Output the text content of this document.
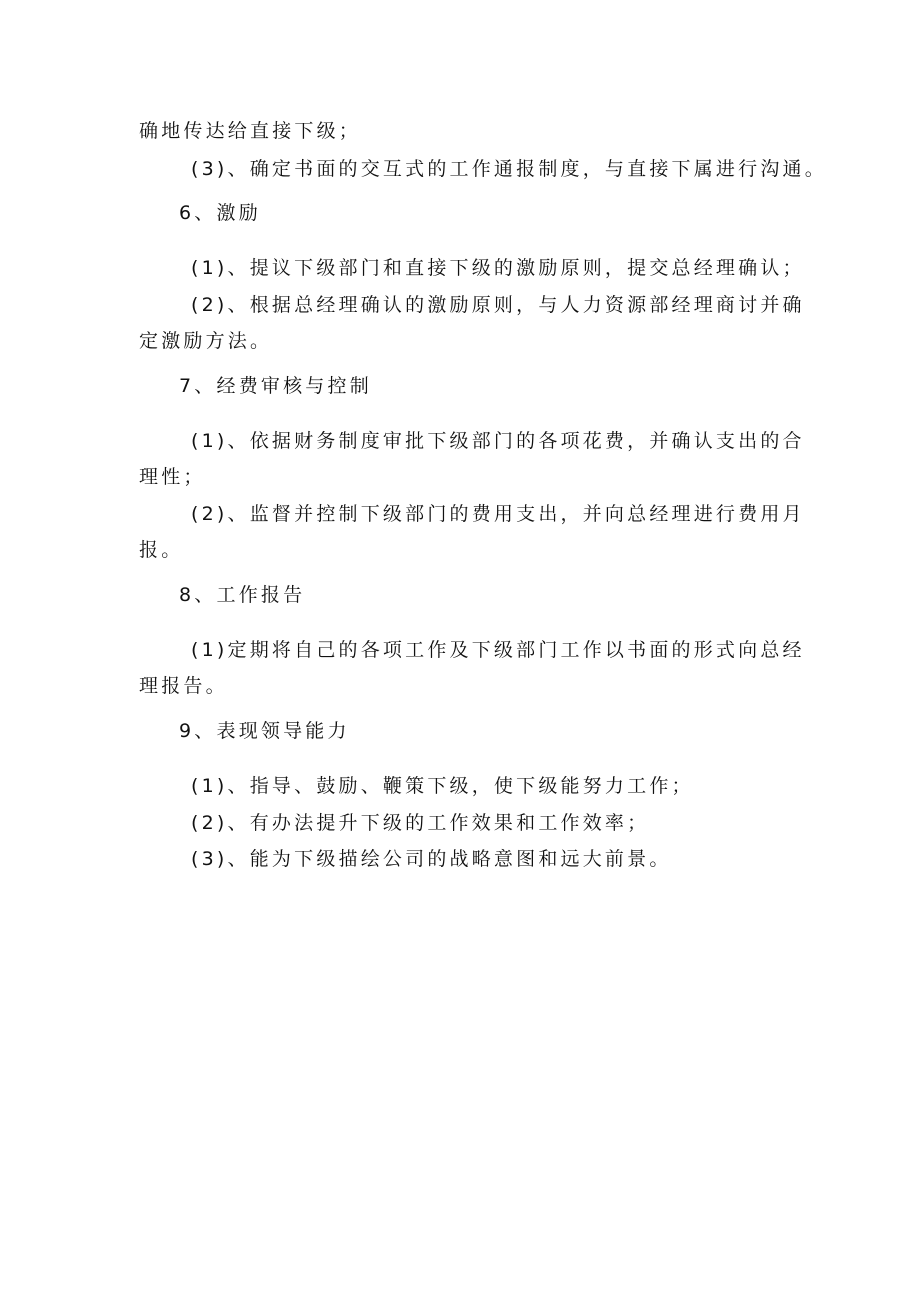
确地传达给直接下级；
(3)、确定书面的交互式的工作通报制度，与直接下属进行沟通。
6、激励
(1)、提议下级部门和直接下级的激励原则，提交总经理确认；
(2)、根据总经理确认的激励原则，与人力资源部经理商讨并确
定激励方法。
7、经费审核与控制
(1)、依据财务制度审批下级部门的各项花费，并确认支出的合
理性；
(2)、监督并控制下级部门的费用支出，并向总经理进行费用月
报。
8、工作报告
(1)定期将自己的各项工作及下级部门工作以书面的形式向总经
理报告。
9、表现领导能力
(1)、指导、鼓励、鞭策下级，使下级能努力工作；
(2)、有办法提升下级的工作效果和工作效率；
(3)、能为下级描绘公司的战略意图和远大前景。
